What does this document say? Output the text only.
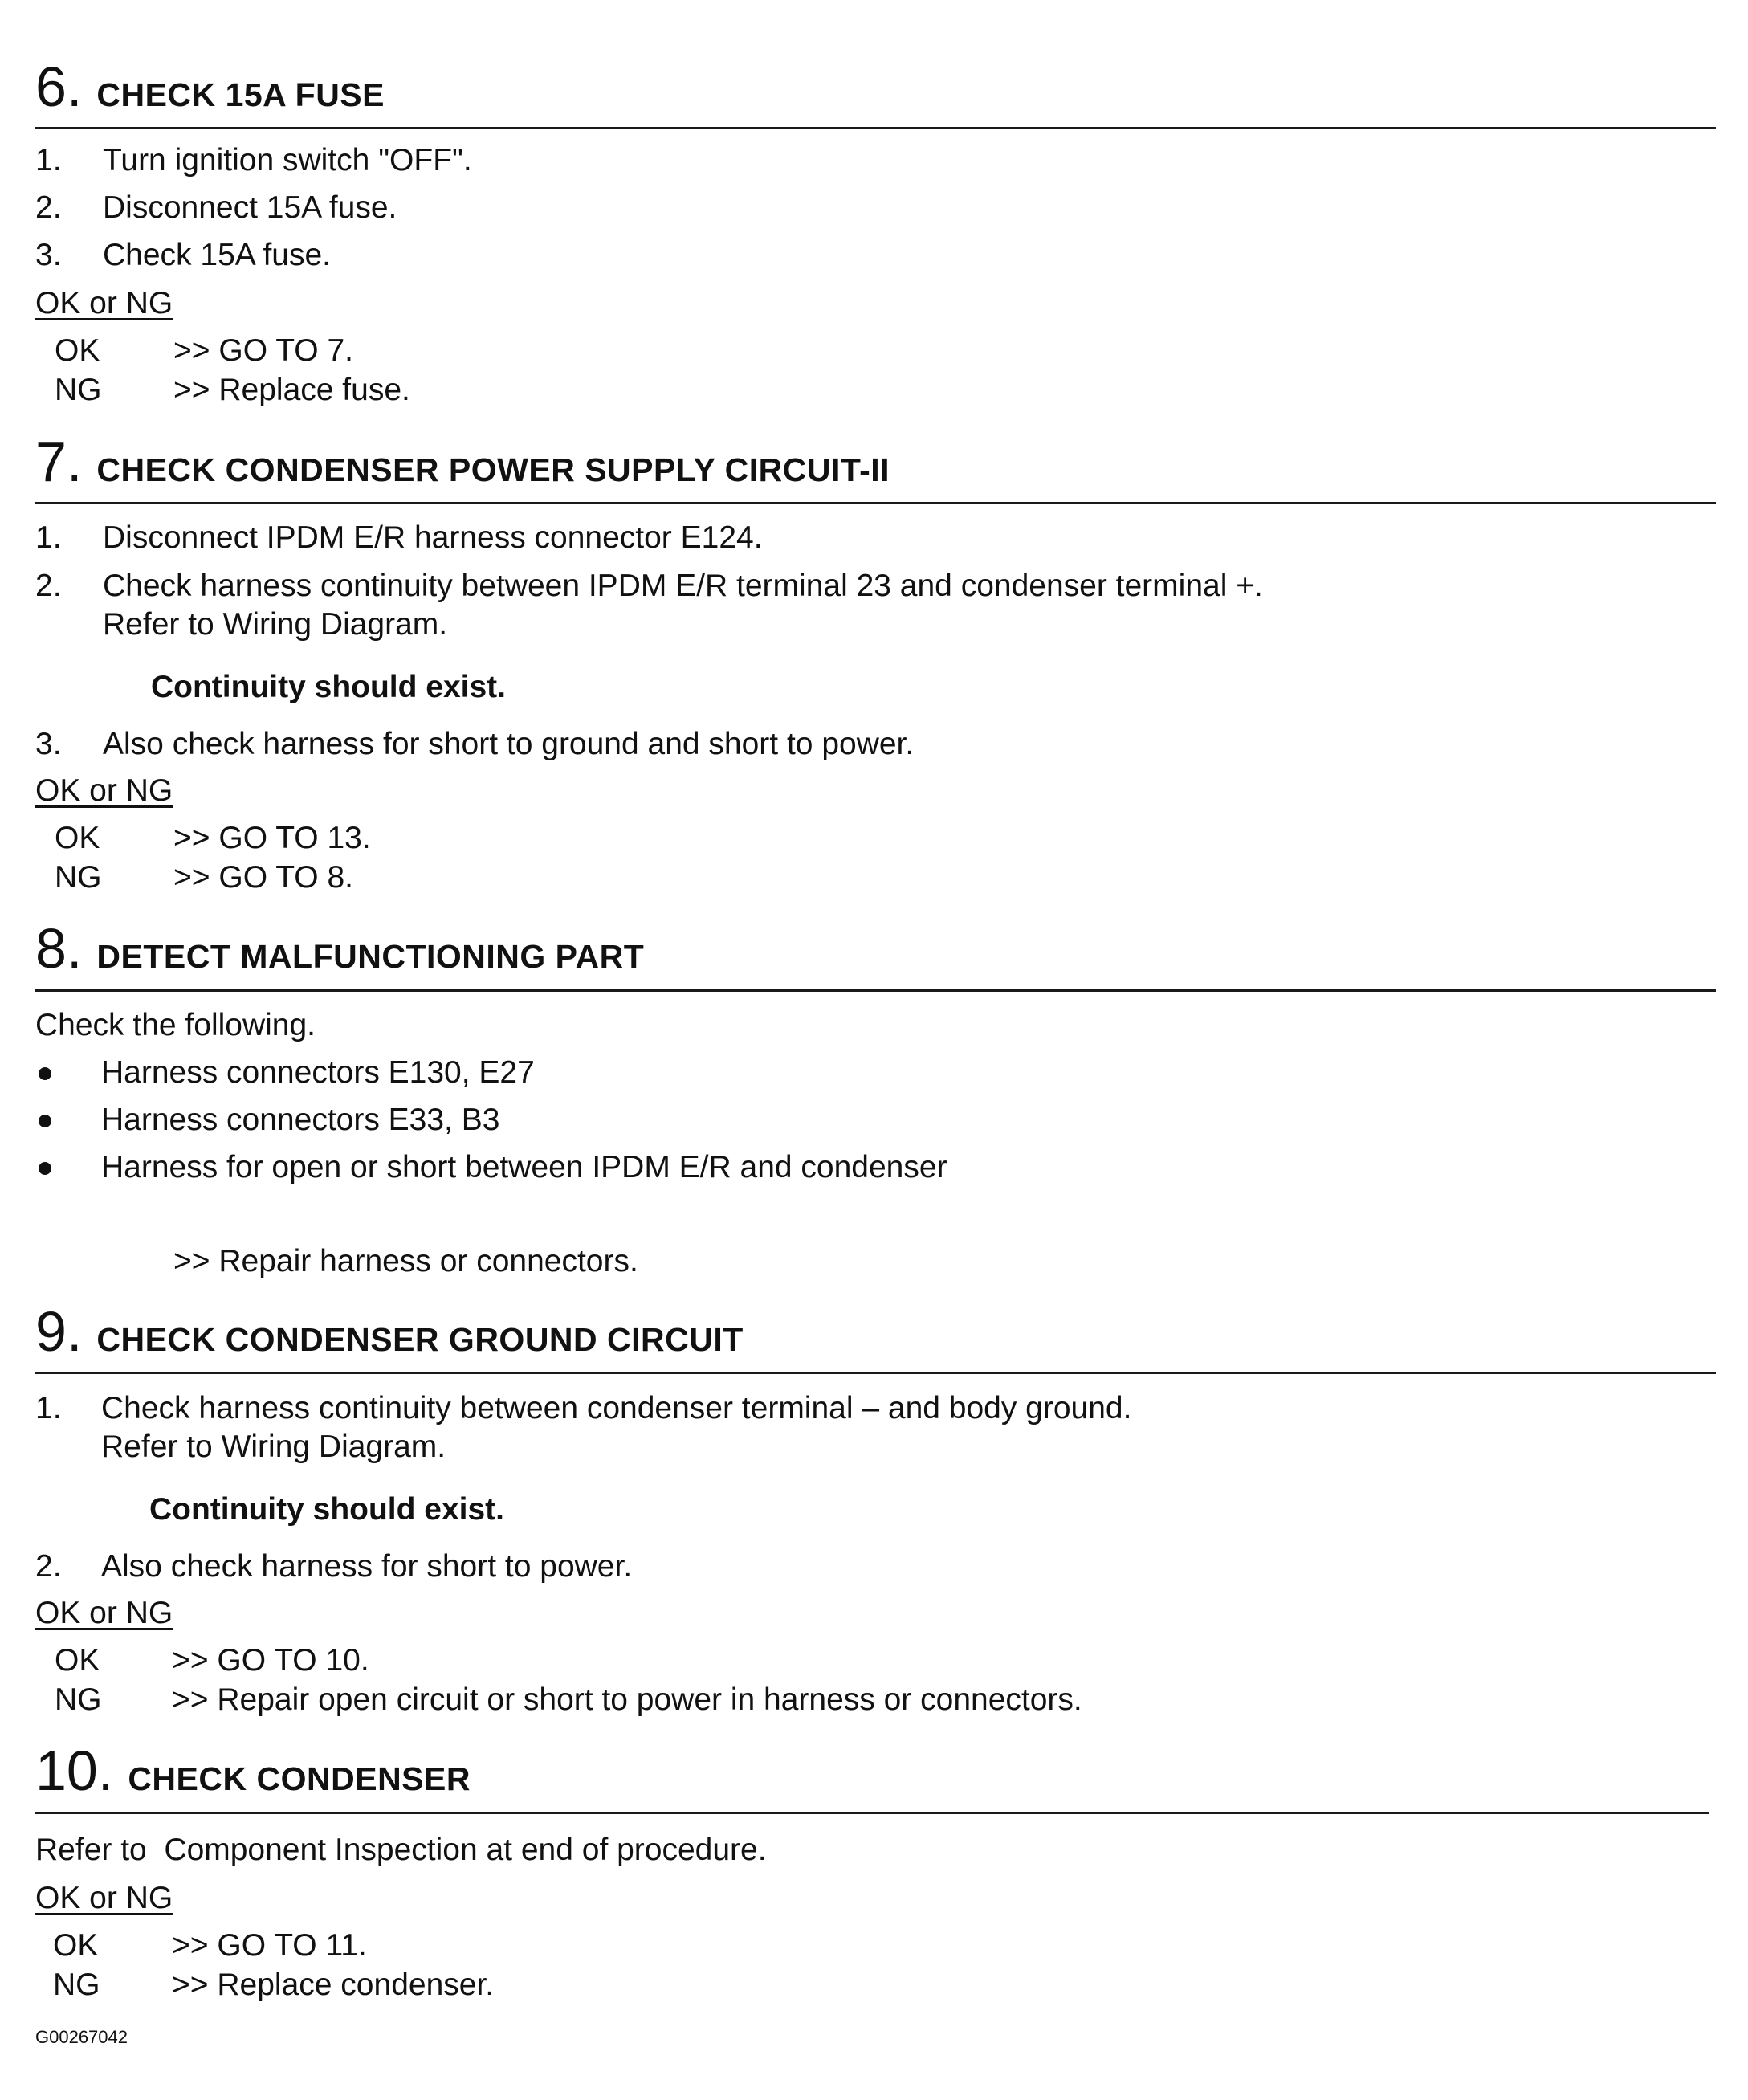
6. CHECK 15A FUSE
1. Turn ignition switch "OFF".
2. Disconnect 15A fuse.
3. Check 15A fuse.
OK or NG
OK >> GO TO 7.
NG >> Replace fuse.
7. CHECK CONDENSER POWER SUPPLY CIRCUIT-II
1. Disconnect IPDM E/R harness connector E124.
2. Check harness continuity between IPDM E/R terminal 23 and condenser terminal +.
Refer to Wiring Diagram.
Continuity should exist.
3. Also check harness for short to ground and short to power.
OK or NG
OK >> GO TO 13.
NG >> GO TO 8.
8. DETECT MALFUNCTIONING PART
Check the following.
Harness connectors E130, E27
Harness connectors E33, B3
Harness for open or short between IPDM E/R and condenser
>> Repair harness or connectors.
9. CHECK CONDENSER GROUND CIRCUIT
1. Check harness continuity between condenser terminal – and body ground.
Refer to Wiring Diagram.
Continuity should exist.
2. Also check harness for short to power.
OK or NG
OK >> GO TO 10.
NG >> Repair open circuit or short to power in harness or connectors.
10. CHECK CONDENSER
Refer to  Component Inspection at end of procedure.
OK or NG
OK >> GO TO 11.
NG >> Replace condenser.
G00267042
